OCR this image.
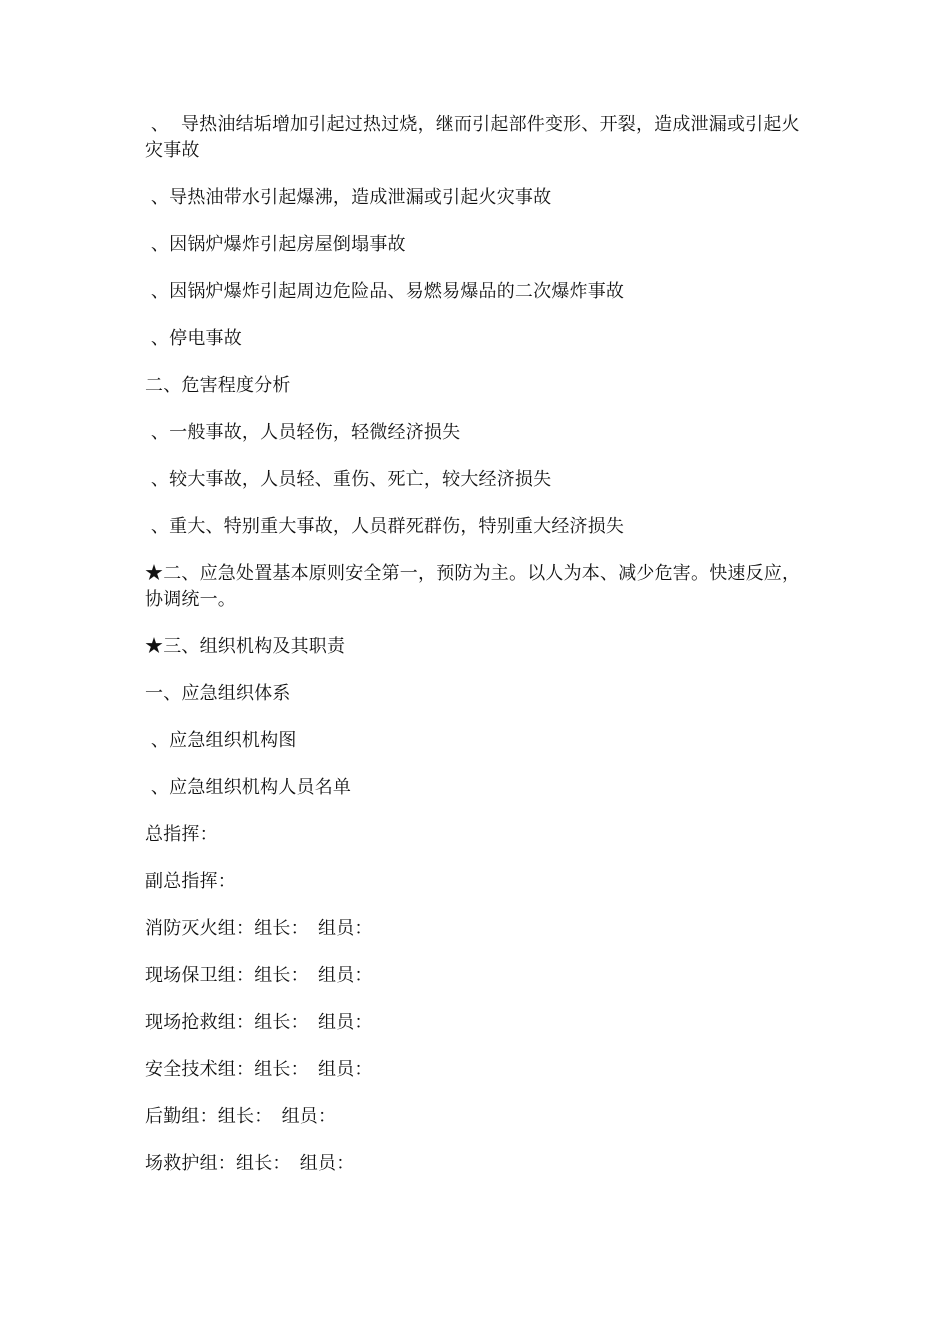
、  导热油结垢增加引起过热过烧，继而引起部件变形、开裂，造成泄漏或引起火灾事故

、导热油带水引起爆沸，造成泄漏或引起火灾事故

、因锅炉爆炸引起房屋倒塌事故

、因锅炉爆炸引起周边危险品、易燃易爆品的二次爆炸事故

、停电事故

二、危害程度分析

、一般事故，人员轻伤，轻微经济损失

、较大事故，人员轻、重伤、死亡，较大经济损失

、重大、特别重大事故，人员群死群伤，特别重大经济损失

★二、应急处置基本原则安全第一，预防为主。以人为本、减少危害。快速反应，协调统一。

★三、组织机构及其职责

一、应急组织体系

、应急组织机构图

、应急组织机构人员名单

总指挥：

副总指挥：

消防灭火组：组长：　组员：

现场保卫组：组长：　组员：

现场抢救组：组长：　组员：

安全技术组：组长：　组员：

后勤组：组长：　组员：

场救护组：组长：　组员：
